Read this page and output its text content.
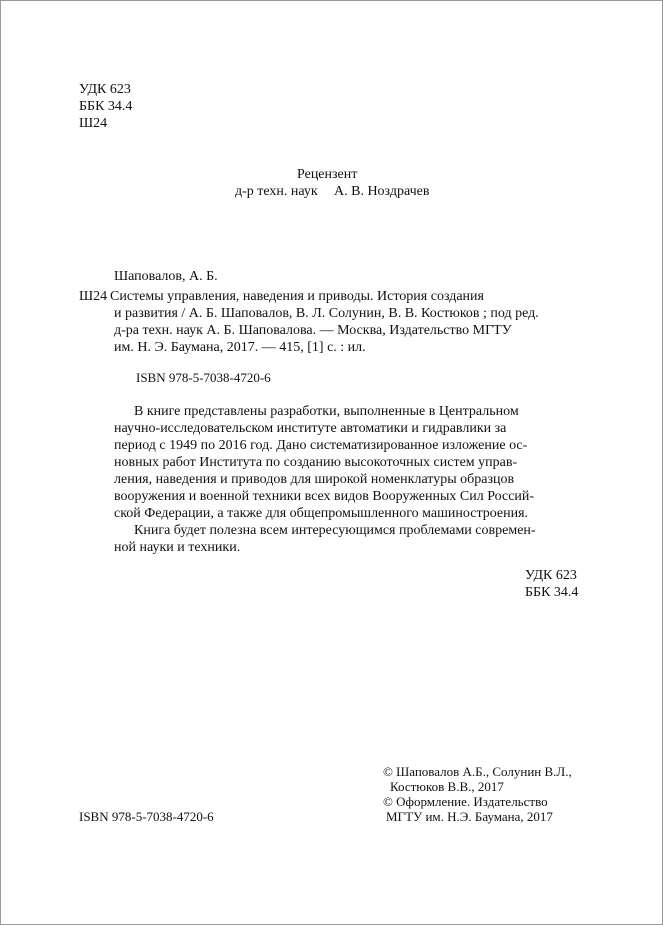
УДК 623
ББК 34.4
Ш24
Рецензент
д-р техн. наук А. В. Ноздрачев
Шаповалов, А. Б.
Ш24 Системы управления, наведения и приводы. История создания
и развития / А. Б. Шаповалов, В. Л. Солунин, В. В. Костюков ; под ред.
д-ра техн. наук А. Б. Шаповалова. — Москва, Издательство МГТУ
им. Н. Э. Баумана, 2017. — 415, [1] с. : ил.
ISBN 978-5-7038-4720-6
В книге представлены разработки, выполненные в Центральном
научно-исследовательском институте автоматики и гидравлики за
период с 1949 по 2016 год. Дано систематизированное изложение ос-
новных работ Института по созданию высокоточных систем управ-
ления, наведения и приводов для широкой номенклатуры образцов
вооружения и военной техники всех видов Вооруженных Сил Россий-
ской Федерации, а также для общепромышленного машиностроения.
Книга будет полезна всем интересующимся проблемами современ-
ной науки и техники.
УДК 623
ББК 34.4
ISBN 978-5-7038-4720-6
© Шаповалов А.Б., Солунин В.Л.,
Костюков В.В., 2017
© Оформление. Издательство
МГТУ им. Н.Э. Баумана, 2017
